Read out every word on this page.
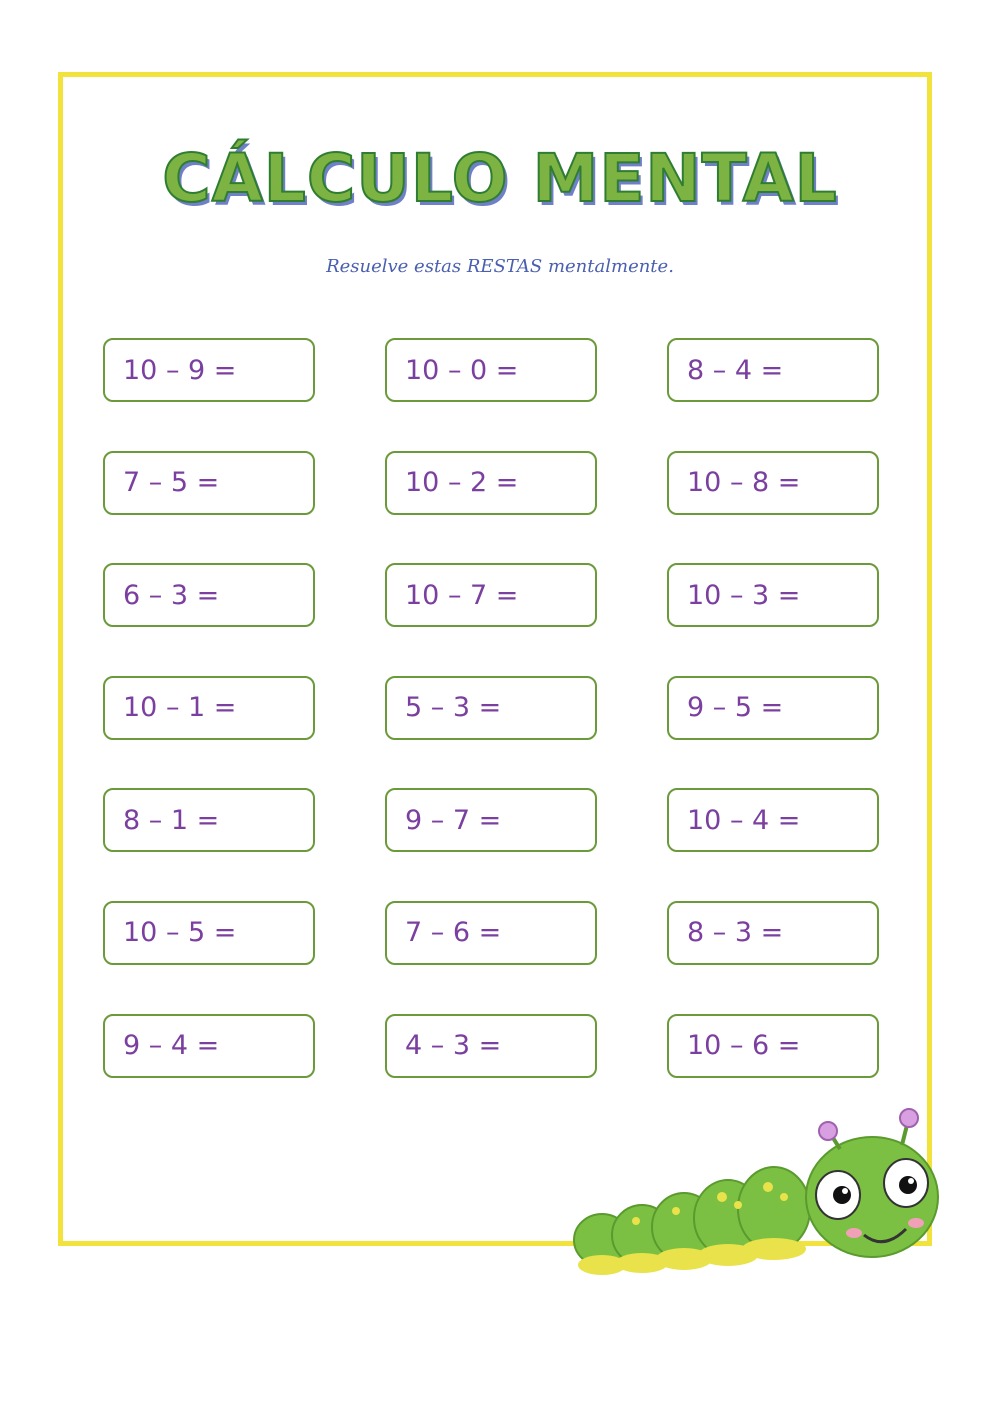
CÁLCULO MENTAL

Resuelve estas RESTAS mentalmente.

10 – 9 =	10 – 0 =	8 – 4 =
7 – 5 =	10 – 2 =	10 – 8 =
6 – 3 =	10 – 7 =	10 – 3 =
10 – 1 =	5 – 3 =	9 – 5 =
8 – 1 =	9 – 7 =	10 – 4 =
10 – 5 =	7 – 6 =	8 – 3 =
9 – 4 =	4 – 3 =	10 – 6 =
